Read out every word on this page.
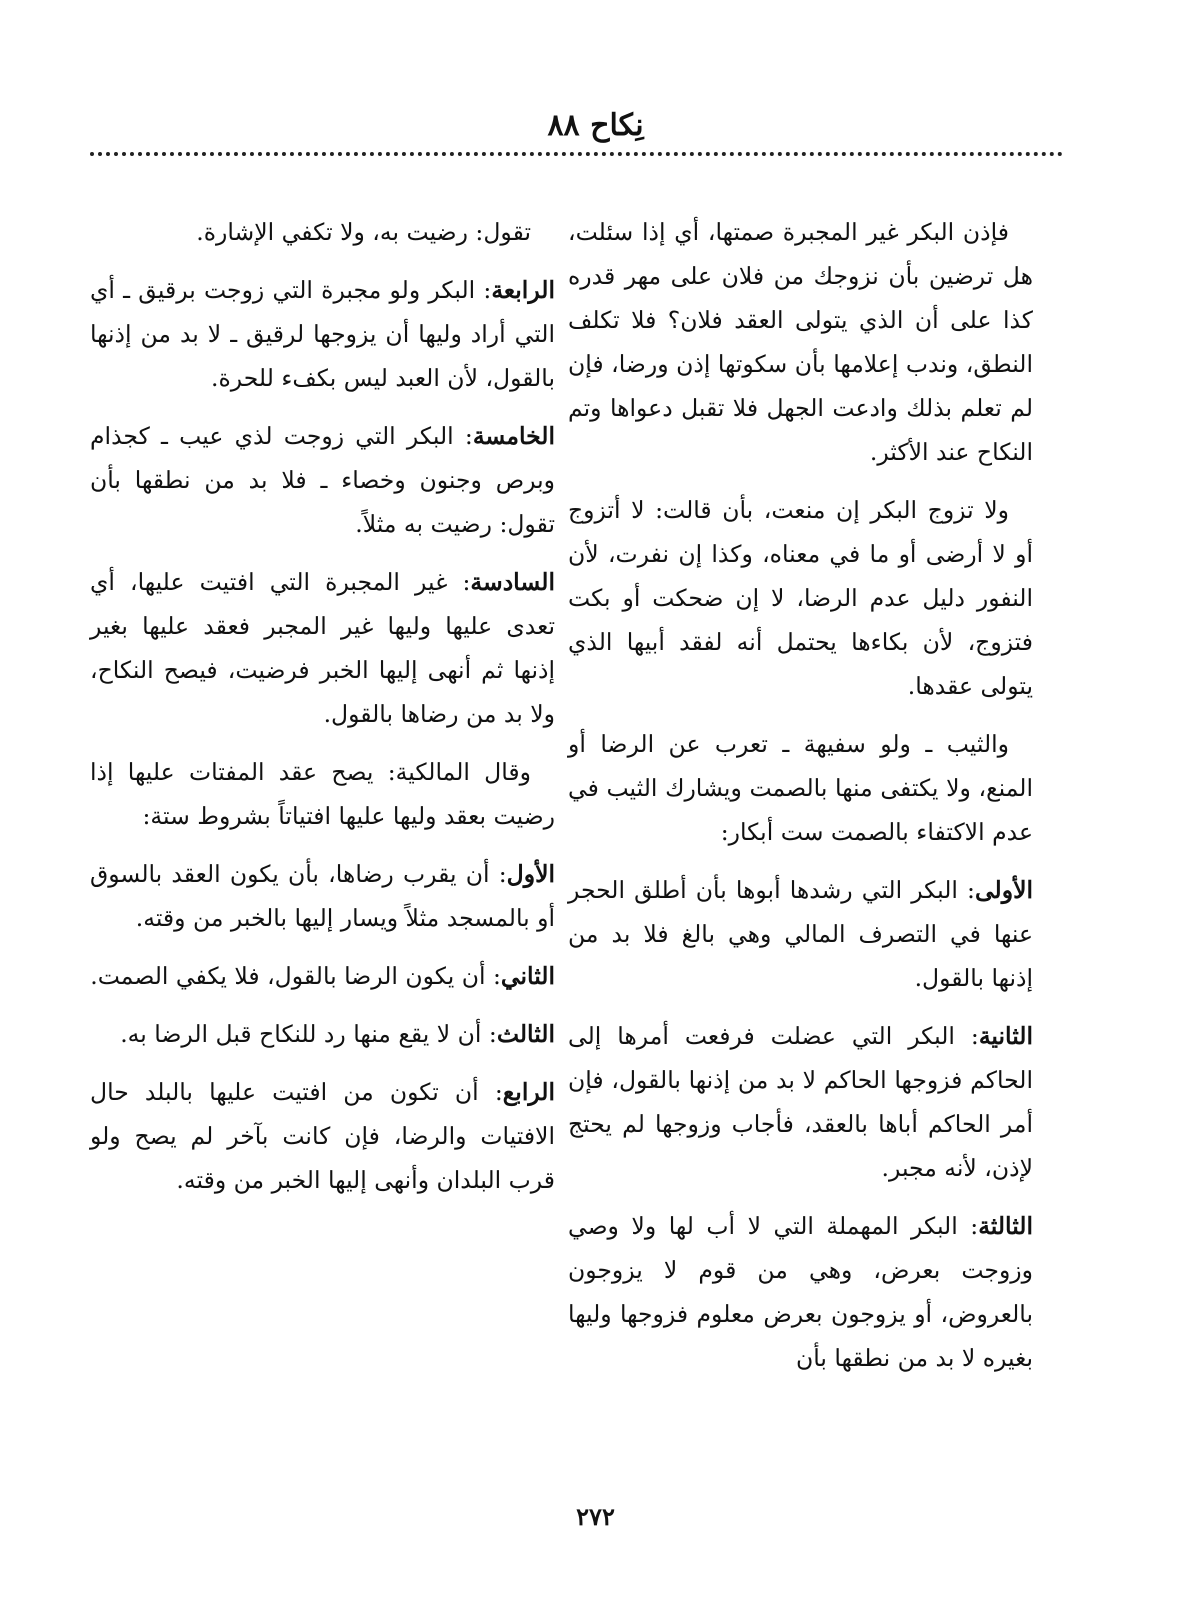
نِكاح ٨٨

فإذن البكر غير المجبرة صمتها، أي إذا سئلت، هل ترضين بأن نزوجك من فلان على مهر قدره كذا على أن الذي يتولى العقد فلان؟ فلا تكلف النطق، وندب إعلامها بأن سكوتها إذن ورضا، فإن لم تعلم بذلك وادعت الجهل فلا تقبل دعواها وتم النكاح عند الأكثر.

ولا تزوج البكر إن منعت، بأن قالت: لا أتزوج أو لا أرضى أو ما في معناه، وكذا إن نفرت، لأن النفور دليل عدم الرضا، لا إن ضحكت أو بكت فتزوج، لأن بكاءها يحتمل أنه لفقد أبيها الذي يتولى عقدها.

والثيب ـ ولو سفيهة ـ تعرب عن الرضا أو المنع، ولا يكتفى منها بالصمت ويشارك الثيب في عدم الاكتفاء بالصمت ست أبكار:

الأولى: البكر التي رشدها أبوها بأن أطلق الحجر عنها في التصرف المالي وهي بالغ فلا بد من إذنها بالقول.

الثانية: البكر التي عضلت فرفعت أمرها إلى الحاكم فزوجها الحاكم لا بد من إذنها بالقول، فإن أمر الحاكم أباها بالعقد، فأجاب وزوجها لم يحتج لإذن، لأنه مجبر.

الثالثة: البكر المهملة التي لا أب لها ولا وصي وزوجت بعرض، وهي من قوم لا يزوجون بالعروض، أو يزوجون بعرض معلوم فزوجها وليها بغيره لا بد من نطقها بأن

تقول: رضيت به، ولا تكفي الإشارة.

الرابعة: البكر ولو مجبرة التي زوجت برقيق ـ أي التي أراد وليها أن يزوجها لرقيق ـ لا بد من إذنها بالقول، لأن العبد ليس بكفء للحرة.

الخامسة: البكر التي زوجت لذي عيب ـ كجذام وبرص وجنون وخصاء ـ فلا بد من نطقها بأن تقول: رضيت به مثلاً.

السادسة: غير المجبرة التي افتيت عليها، أي تعدى عليها وليها غير المجبر فعقد عليها بغير إذنها ثم أنهى إليها الخبر فرضيت، فيصح النكاح، ولا بد من رضاها بالقول.

وقال المالكية: يصح عقد المفتات عليها إذا رضيت بعقد وليها عليها افتياتاً بشروط ستة:

الأول: أن يقرب رضاها، بأن يكون العقد بالسوق أو بالمسجد مثلاً ويسار إليها بالخبر من وقته.

الثاني: أن يكون الرضا بالقول، فلا يكفي الصمت.

الثالث: أن لا يقع منها رد للنكاح قبل الرضا به.

الرابع: أن تكون من افتيت عليها بالبلد حال الافتيات والرضا، فإن كانت بآخر لم يصح ولو قرب البلدان وأنهى إليها الخبر من وقته.

٢٧٢
